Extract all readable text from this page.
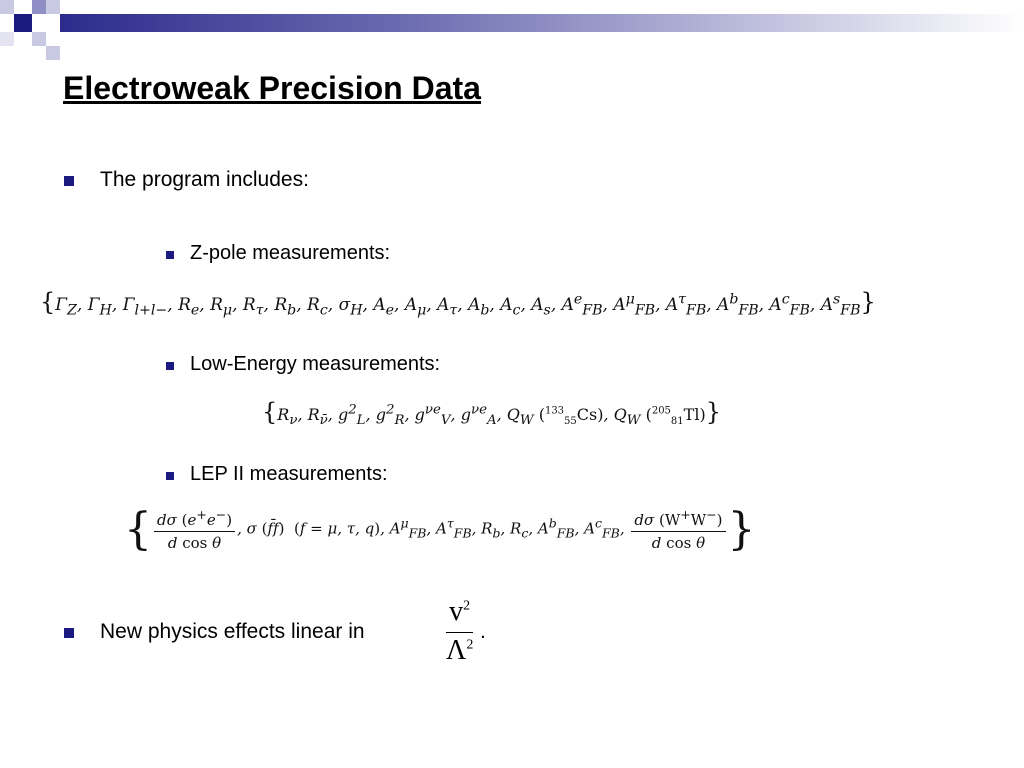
Electroweak Precision Data
The program includes:
Z-pole measurements:
{$\Gamma_Z$, $\Gamma_H$, $\Gamma_{l+l-}$, $R_e$, $R_\mu$, $R_\tau$, $R_b$, $R_c$, $\sigma_H$, $A_e$, $A_\mu$, $A_\tau$, $A_b$, $A_c$, $A_s$, $A^e_{FB}$, $A^\mu_{FB}$, $A^\tau_{FB}$, $A^b_{FB}$, $A^c_{FB}$, $A^s_{FB}$}
Low-Energy measurements:
{$R_\nu$, $R_{\nū}$, $g^2_L$, $g^2_R$, $g^{\nu e}_V$, $g^{\nu e}_A$, $Q_W$ ($^{133}_{55}$Cs), $Q_W$ ($^{205}_{81}$Tl)}
LEP II measurements:
{ $\frac{d\sigma (e^+e^-)}{\text{d cos θ}}$ , σ (f̄f) (f = μ, τ, q), $A^\mu_{FB}$, $A^\tau_{FB}$, $R_b$, $R_c$, $A^b_{FB}$, $A^c_{FB}$, $\frac{d\sigma (W^+W^-)}{\text{d cos θ}}$ }
New physics effects linear in	$\frac{v^2}{\Lambda^2}$ .
